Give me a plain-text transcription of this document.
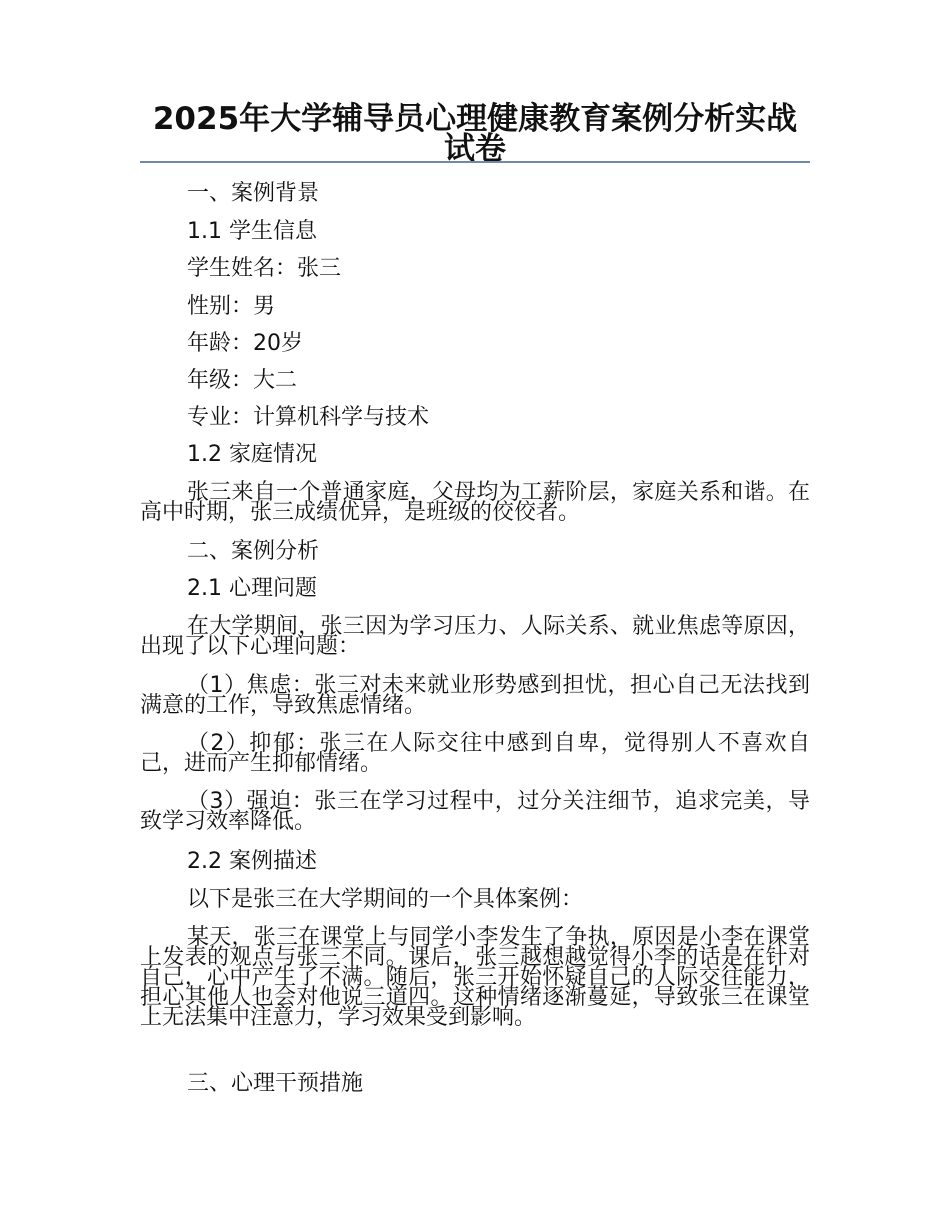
2025年大学辅导员心理健康教育案例分析实战试卷

一、案例背景

1.1 学生信息

学生姓名：张三

性别：男

年龄：20岁

年级：大二

专业：计算机科学与技术

1.2 家庭情况

张三来自一个普通家庭，父母均为工薪阶层，家庭关系和谐。在高中时期，张三成绩优异，是班级的佼佼者。

二、案例分析

2.1 心理问题

在大学期间，张三因为学习压力、人际关系、就业焦虑等原因，出现了以下心理问题：

（1）焦虑：张三对未来就业形势感到担忧，担心自己无法找到满意的工作，导致焦虑情绪。

（2）抑郁：张三在人际交往中感到自卑，觉得别人不喜欢自己，进而产生抑郁情绪。

（3）强迫：张三在学习过程中，过分关注细节，追求完美，导致学习效率降低。

2.2 案例描述

以下是张三在大学期间的一个具体案例：

某天，张三在课堂上与同学小李发生了争执，原因是小李在课堂上发表的观点与张三不同。课后，张三越想越觉得小李的话是在针对自己，心中产生了不满。随后，张三开始怀疑自己的人际交往能力，担心其他人也会对他说三道四。这种情绪逐渐蔓延，导致张三在课堂上无法集中注意力，学习效果受到影响。

三、心理干预措施
